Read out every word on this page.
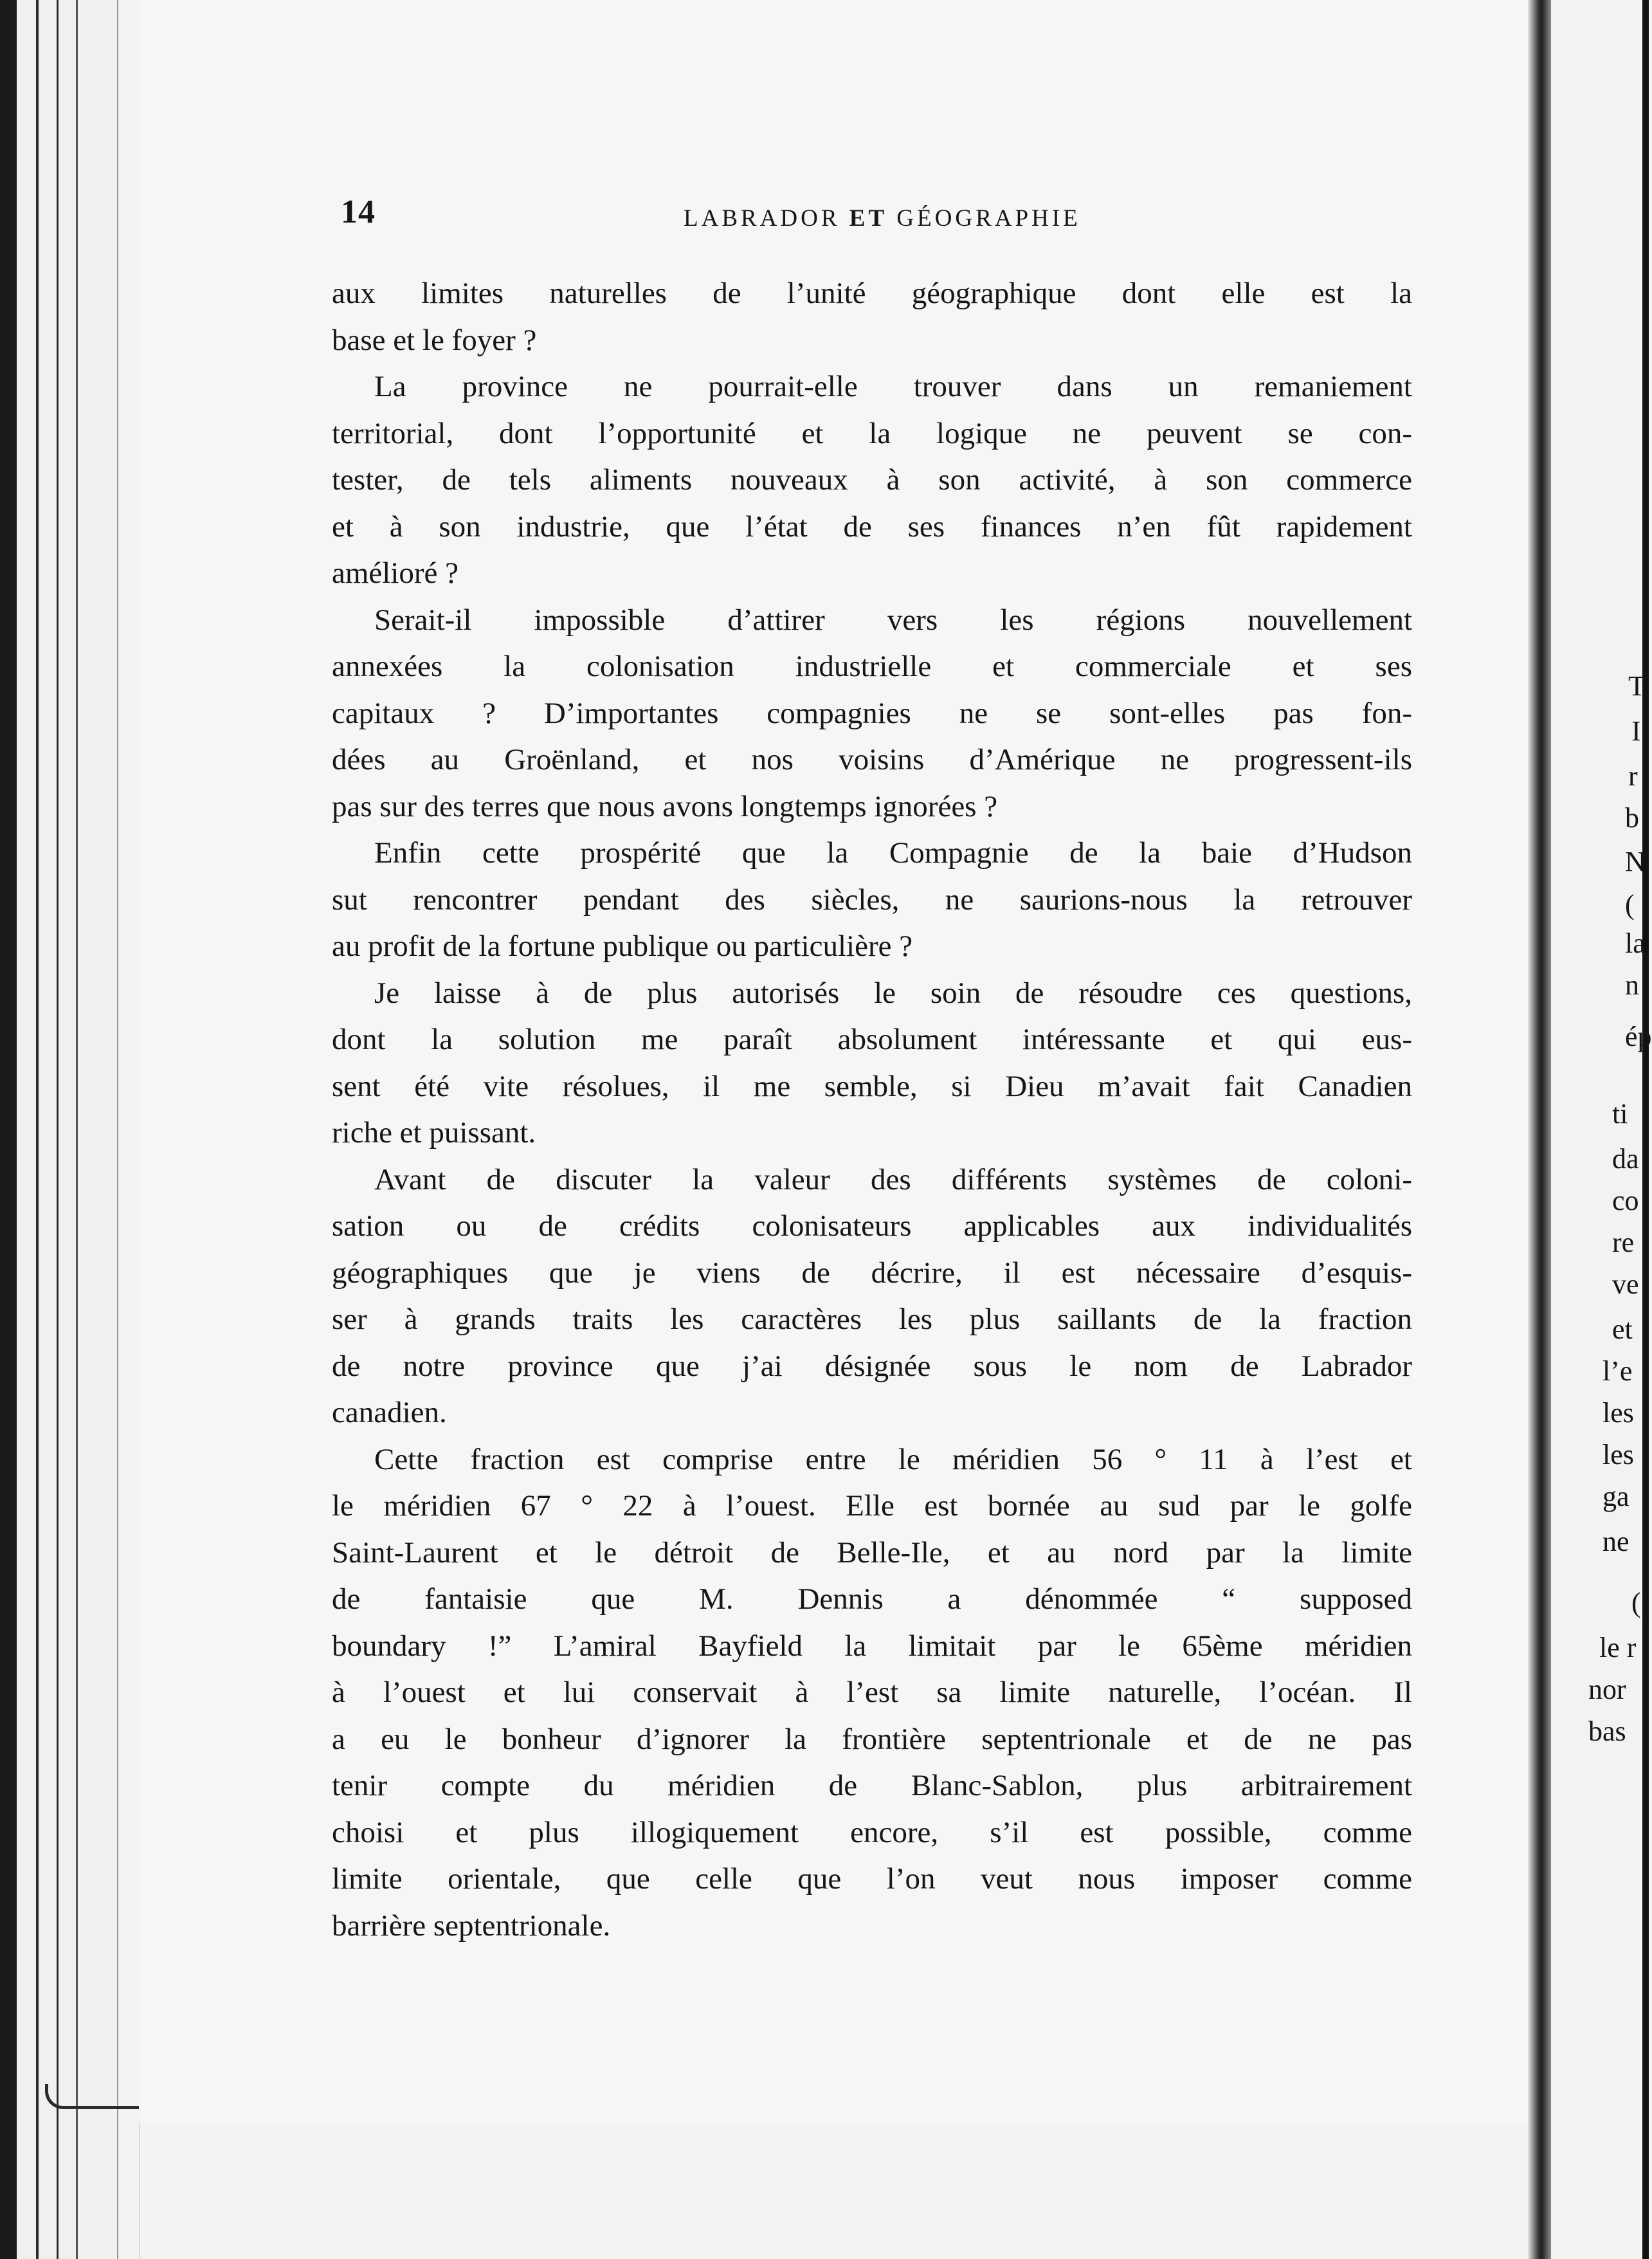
14	LABRADOR ET GÉOGRAPHIE
aux limites naturelles de l’unité géographique dont elle est la
base et le foyer ?
La province ne pourrait-elle trouver dans un remaniement
territorial, dont l’opportunité et la logique ne peuvent se con-
tester, de tels aliments nouveaux à son activité, à son commerce
et à son industrie, que l’état de ses finances n’en fût rapidement
amélioré ?
Serait-il impossible d’attirer vers les régions nouvellement
annexées la colonisation industrielle et commerciale et ses
capitaux ? D’importantes compagnies ne se sont-elles pas fon-
dées au Groënland, et nos voisins d’Amérique ne progressent-ils
pas sur des terres que nous avons longtemps ignorées ?
Enfin cette prospérité que la Compagnie de la baie d’Hudson
sut rencontrer pendant des siècles, ne saurions-nous la retrouver
au profit de la fortune publique ou particulière ?
Je laisse à de plus autorisés le soin de résoudre ces questions,
dont la solution me paraît absolument intéressante et qui eus-
sent été vite résolues, il me semble, si Dieu m’avait fait Canadien
riche et puissant.
Avant de discuter la valeur des différents systèmes de coloni-
sation ou de crédits colonisateurs applicables aux individualités
géographiques que je viens de décrire, il est nécessaire d’esquis-
ser à grands traits les caractères les plus saillants de la fraction
de notre province que j’ai désignée sous le nom de Labrador
canadien.
Cette fraction est comprise entre le méridien 56 ° 11 à l’est et
le méridien 67 ° 22 à l’ouest. Elle est bornée au sud par le golfe
Saint-Laurent et le détroit de Belle-Ile, et au nord par la limite
de fantaisie que M. Dennis a dénommée “ supposed
boundary !” L’amiral Bayfield la limitait par le 65ème méridien
à l’ouest et lui conservait à l’est sa limite naturelle, l’océan. Il
a eu le bonheur d’ignorer la frontière septentrionale et de ne pas
tenir compte du méridien de Blanc-Sablon, plus arbitrairement
choisi et plus illogiquement encore, s’il est possible, comme
limite orientale, que celle que l’on veut nous imposer comme
barrière septentrionale.
T
I
r
b
N
(
la
n
ép
ti
da
co
re
ve
et
l’e
les
les
ga
ne
(
le r
nor
bas
